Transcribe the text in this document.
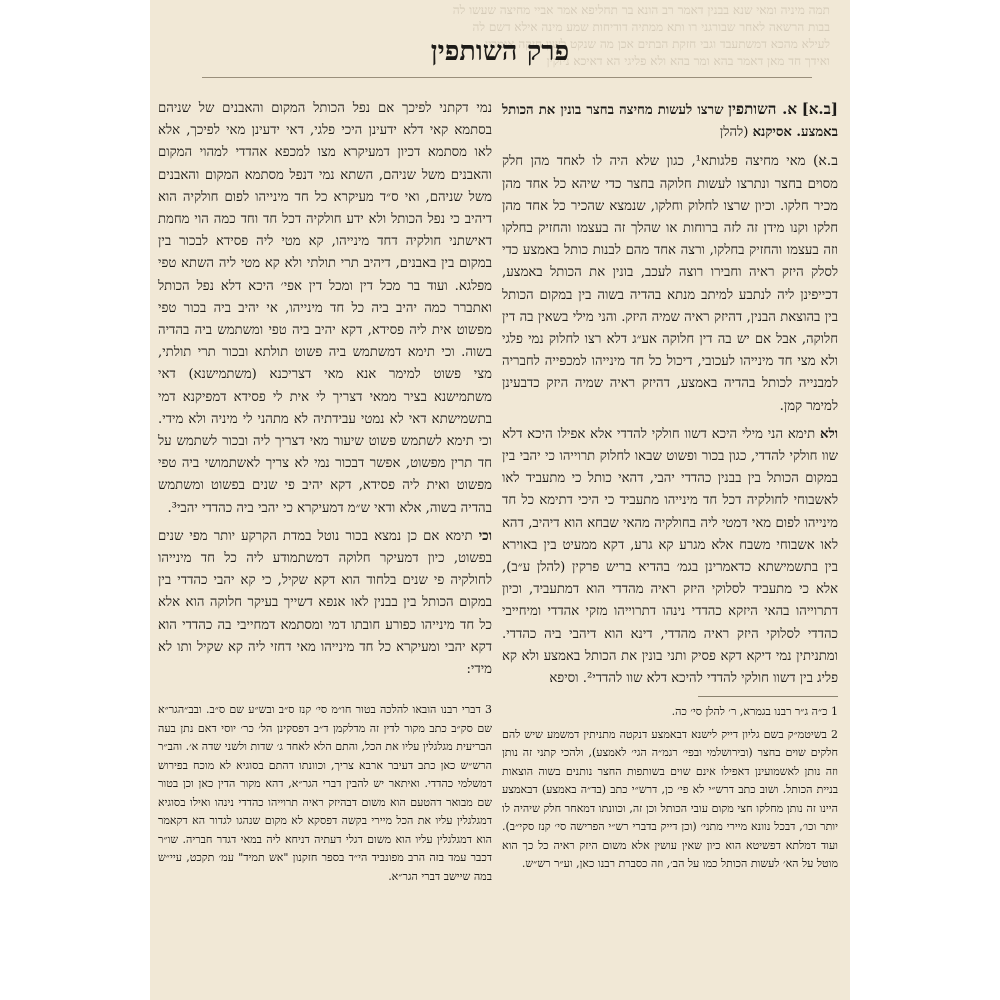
תמה מיניה ומאי שנא בבנין דאמר רב הונא בר תחליפא אמר אביי מחיצה שעשו לה
בבות הרשאה לאחר שבורגני רו ותא ממתיה דודיחות שמע מינה אילא דשם לה
לעילא מהכא דמשתעבד וגבי חזקת הבתים אכן מה שנקט לשון חזקה אומרין
ואידך חד מאן דאמר בהא ומר בהא ולא פליגי הא דאיכא ניזקין
פרק השותפין

[ב.א] א. השותפין שרצו לעשות מחיצה בחצר בונין את הכותל באמצע. אסיקנא (להלן

ב.א) מאי מחיצה פלגותא¹, כגון שלא היה לו לאחד מהן חלק מסוים בחצר ונתרצו לעשות חלוקה בחצר כדי שיהא כל אחד מהן מכיר חלקו. וכיון שרצו לחלוק וחלקו, שנמצא שהכיר כל אחד מהן חלקו וקנו מידן זה לזה ברוחות או שהלך זה בעצמו והחזיק בחלקו וזה בעצמו והחזיק בחלקו, ורצה אחד מהם לבנות כותל באמצע כדי לסלק היזק ראיה וחבירו רוצה לעכב, בונין את הכותל באמצע, דכייפינן ליה לנתבע למיתב מנתא בהדיה בשוה בין במקום הכותל בין בהוצאת הבנין, דהיזק ראיה שמיה היזק. והני מילי בשאין בה דין חלוקה, אבל אם יש בה דין חלוקה אע״ג דלא רצו לחלוק נמי פלגי ולא מצי חד מינייהו לעכובי, דיכול כל חד מינייהו למכפייה לחבריה למבנייה לכותל בהדיה באמצע, דהיזק ראיה שמיה היזק כדבעינן למימר קמן.

ולא תימא הני מילי היכא דשוו חולקי להדדי אלא אפילו היכא דלא שוו חולקי להדדי, כגון בכור ופשוט שבאו לחלוק תרוייהו כי יהבי בין במקום הכותל בין בבנין כהדדי יהבי, דהאי כותל כי מתעביד לאו לאשבוחי לחולקיה דכל חד מינייהו מתעביד כי היכי דתימא כל חד מינייהו לפום מאי דמטי ליה בחולקיה מהאי שבחא הוא דיהיב, דהא לאו אשבוחי משבח אלא מגרע קא גרע, דקא ממעיט בין באוירא בין בתשמישתא כדאמרינן בגמ׳ בהדיא בריש פרקין (להלן ע״ב), אלא כי מתעביד לסלוקי היזק ראיה מהדדי הוא דמתעביד, וכיון דתרוייהו בהאי היזקא כהדדי נינהו דתרוייהו מזקי אהדדי ומיחייבי כהדדי לסלוקי היזק ראיה מהדדי, דינא הוא דיהבי ביה כהדדי. ומתניתין נמי דיקא דקא פסיק ותני בונין את הכותל באמצע ולא קא פליג בין דשוו חולקי להדדי להיכא דלא שוו להדדי². וסיפא

1 כ״ה ג״ר רבנו בגמרא, ר׳ להלן סי׳ כה.
2 בשיטמ״ק בשם גליון דייק לישנא דבאמצע דנקטה מתניתין דמשמע שיש להם חלקים שוים בחצר (ובירושלמי ובפי׳ רגמ״ה הגי׳ לאמצע), ולהכי קתני זה נותן וזה נותן לאשמועינן דאפילו אינם שוים בשותפות החצר נותנים בשוה הוצאות בניית הכותל. ושוב כתב דרש״י לא פי׳ כן, דרש״י כתב (בד״ה באמצע) דבאמצע היינו זה נותן מחלקו חצי מקום עובי הכותל וכן זה, וכוונתו דמאחר חלק שיהיה לו יותר וכו׳, דבכל נוונא מיירי מתני׳ (וכן דייק בדברי רש״י הפרישה סי׳ קנז סקי״ב). ועוד דמלתא דפשיטא הוא כיון שאין עושין אלא משום היזק ראיה כל כך הוא מוטל על הא׳ לעשות הכותל כמו על הב׳, וזה כסברת רבנו כאן, וע״ר רש״ש.

נמי דקתני לפיכך אם נפל הכותל המקום והאבנים של שניהם בסתמא קאי דלא ידעינן היכי פלגי, דאי ידעינן מאי לפיכך, אלא לאו מסתמא דכיון דמעיקרא מצו למכפא אהדדי למהוי המקום והאבנים משל שניהם, השתא נמי דנפל מסתמא המקום והאבנים משל שניהם, ואי ס״ד מעיקרא כל חד מינייהו לפום חולקיה הוא דיהיב כי נפל הכותל ולא ידע חולקיה דכל חד וחד כמה הוי מחמת דאישתני חולקיה דחד מינייהו, קא מטי ליה פסידא לבכור בין במקום בין באבנים, דיהיב תרי תולתי ולא קא מטי ליה השתא טפי מפלגא. ועוד בר מכל דין ומכל דין אפי׳ היכא דלא נפל הכותל ואתברר כמה יהיב ביה כל חד מינייהו, אי יהיב ביה בכור טפי מפשוט אית ליה פסידא, דקא יהיב ביה טפי ומשתמש ביה בהדיה בשוה. וכי תימא דמשתמש ביה פשוט תולתא ובכור תרי תולתי, מצי פשוט למימר אנא מאי דצריכנא (משתמישנא) דאי משתמישנא בציר ממאי דצריך לי אית לי פסידא דמפיקנא דמי בתשמישתא דאי לא נמטי עבידתיה לא מתהני לי מיניה ולא מידי. וכי תימא לשתמש פשוט שיעור מאי דצריך ליה ובכור לשתמש על חד תרין מפשוט, אפשר דבכור נמי לא צריך לאשתמושי ביה טפי מפשוט ואית ליה פסידא, דקא יהיב פי שנים בפשוט ומשתמש בהדיה בשוה, אלא ודאי ש״מ דמעיקרא כי יהבי ביה כהדדי יהבי³.

וכי תימא אם כן נמצא בכור נוטל במדת הקרקע יותר מפי שנים בפשוט, כיון דמעיקר חלוקה דמשתמודע ליה כל חד מינייהו לחולקיה פי שנים בלחוד הוא דקא שקיל, כי קא יהבי כהדדי בין במקום הכותל בין בבנין לאו אנפא דשייך בעיקר חלוקה הוא אלא כל חד מינייהו כפורע חובתו דמי ומסתמא דמחייבי בה כהדדי הוא דקא יהבי ומעיקרא כל חד מינייהו מאי דחזי ליה קא שקיל ותו לא מידי:

3 דברי רבנו הובאו להלכה בטור חו״מ סי׳ קנז ס״ב ובש״ע שם ס״ב. ובב״הגר״א שם סק״ב כתב מקור לדין זה מדלקמן ד״ב דפסקינן הל׳ כר׳ יוסי דאם נתן בעה הבריעית מגלגלין עליו את הכל, והתם הלא לאחד ג׳ שדות ולשני שדה א׳. והב״ר הרש״ש כאן כתב דעיבר ארבא צריך, וכוונתו דהתם בסוגיא לא מוכח בפירוש דמשלמי כהדדי. ואיתאר יש להבין דברי הגר״א, דהא מקור הדין כאן וכן בטור שם מבואר דהטעם הוא משום דבהיזק ראיה תרוייהו כהדדי נינהו ואילו בסוגיא דמגלגלין עליו את הכל מיירי בקשה דפסקא לא מקום שנהגו לגדור הא דקאמר הוא דמגלגלין עליו הוא משום דגלי דעתיה דניחא ליה במאי דגדר חבריה. שו״ר דכבר עמד בזה הרב מפונביד הי״ד בספר חזקנון "אש תמיד" עמ׳ תקכט, עיי״ש במה שיישב דברי הגר״א.
